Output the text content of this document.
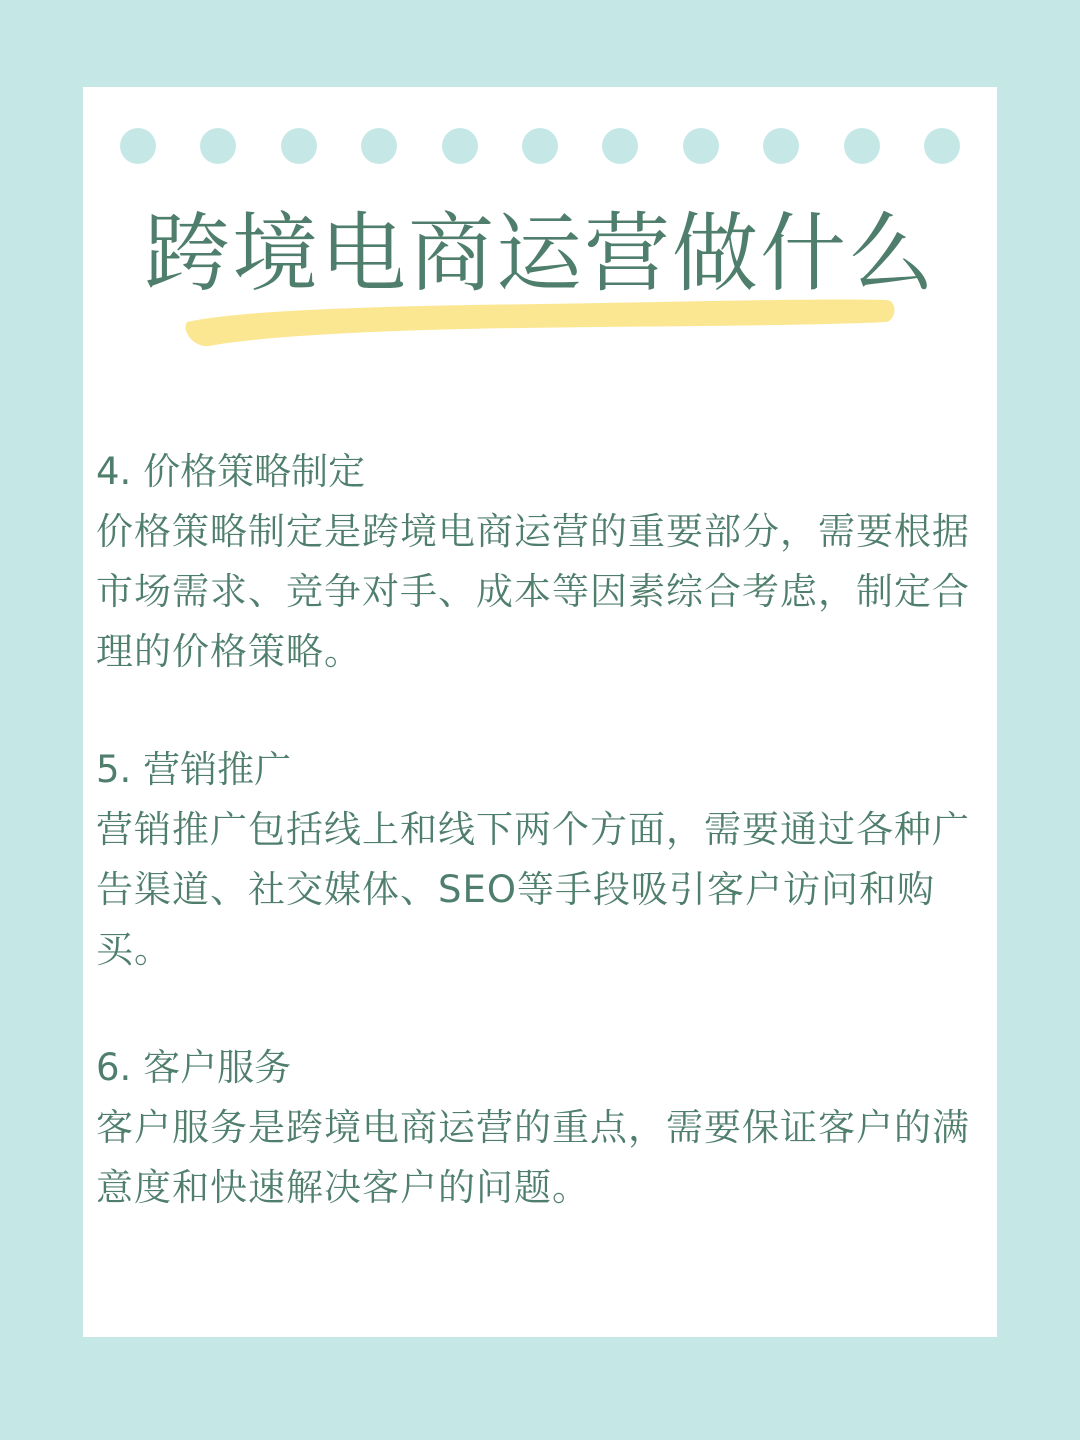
跨境电商运营做什么

4. 价格策略制定

价格策略制定是跨境电商运营的重要部分，需要根据市场需求、竞争对手、成本等因素综合考虑，制定合理的价格策略。

5. 营销推广

营销推广包括线上和线下两个方面，需要通过各种广告渠道、社交媒体、SEO等手段吸引客户访问和购买。

6. 客户服务

客户服务是跨境电商运营的重点，需要保证客户的满意度和快速解决客户的问题。
